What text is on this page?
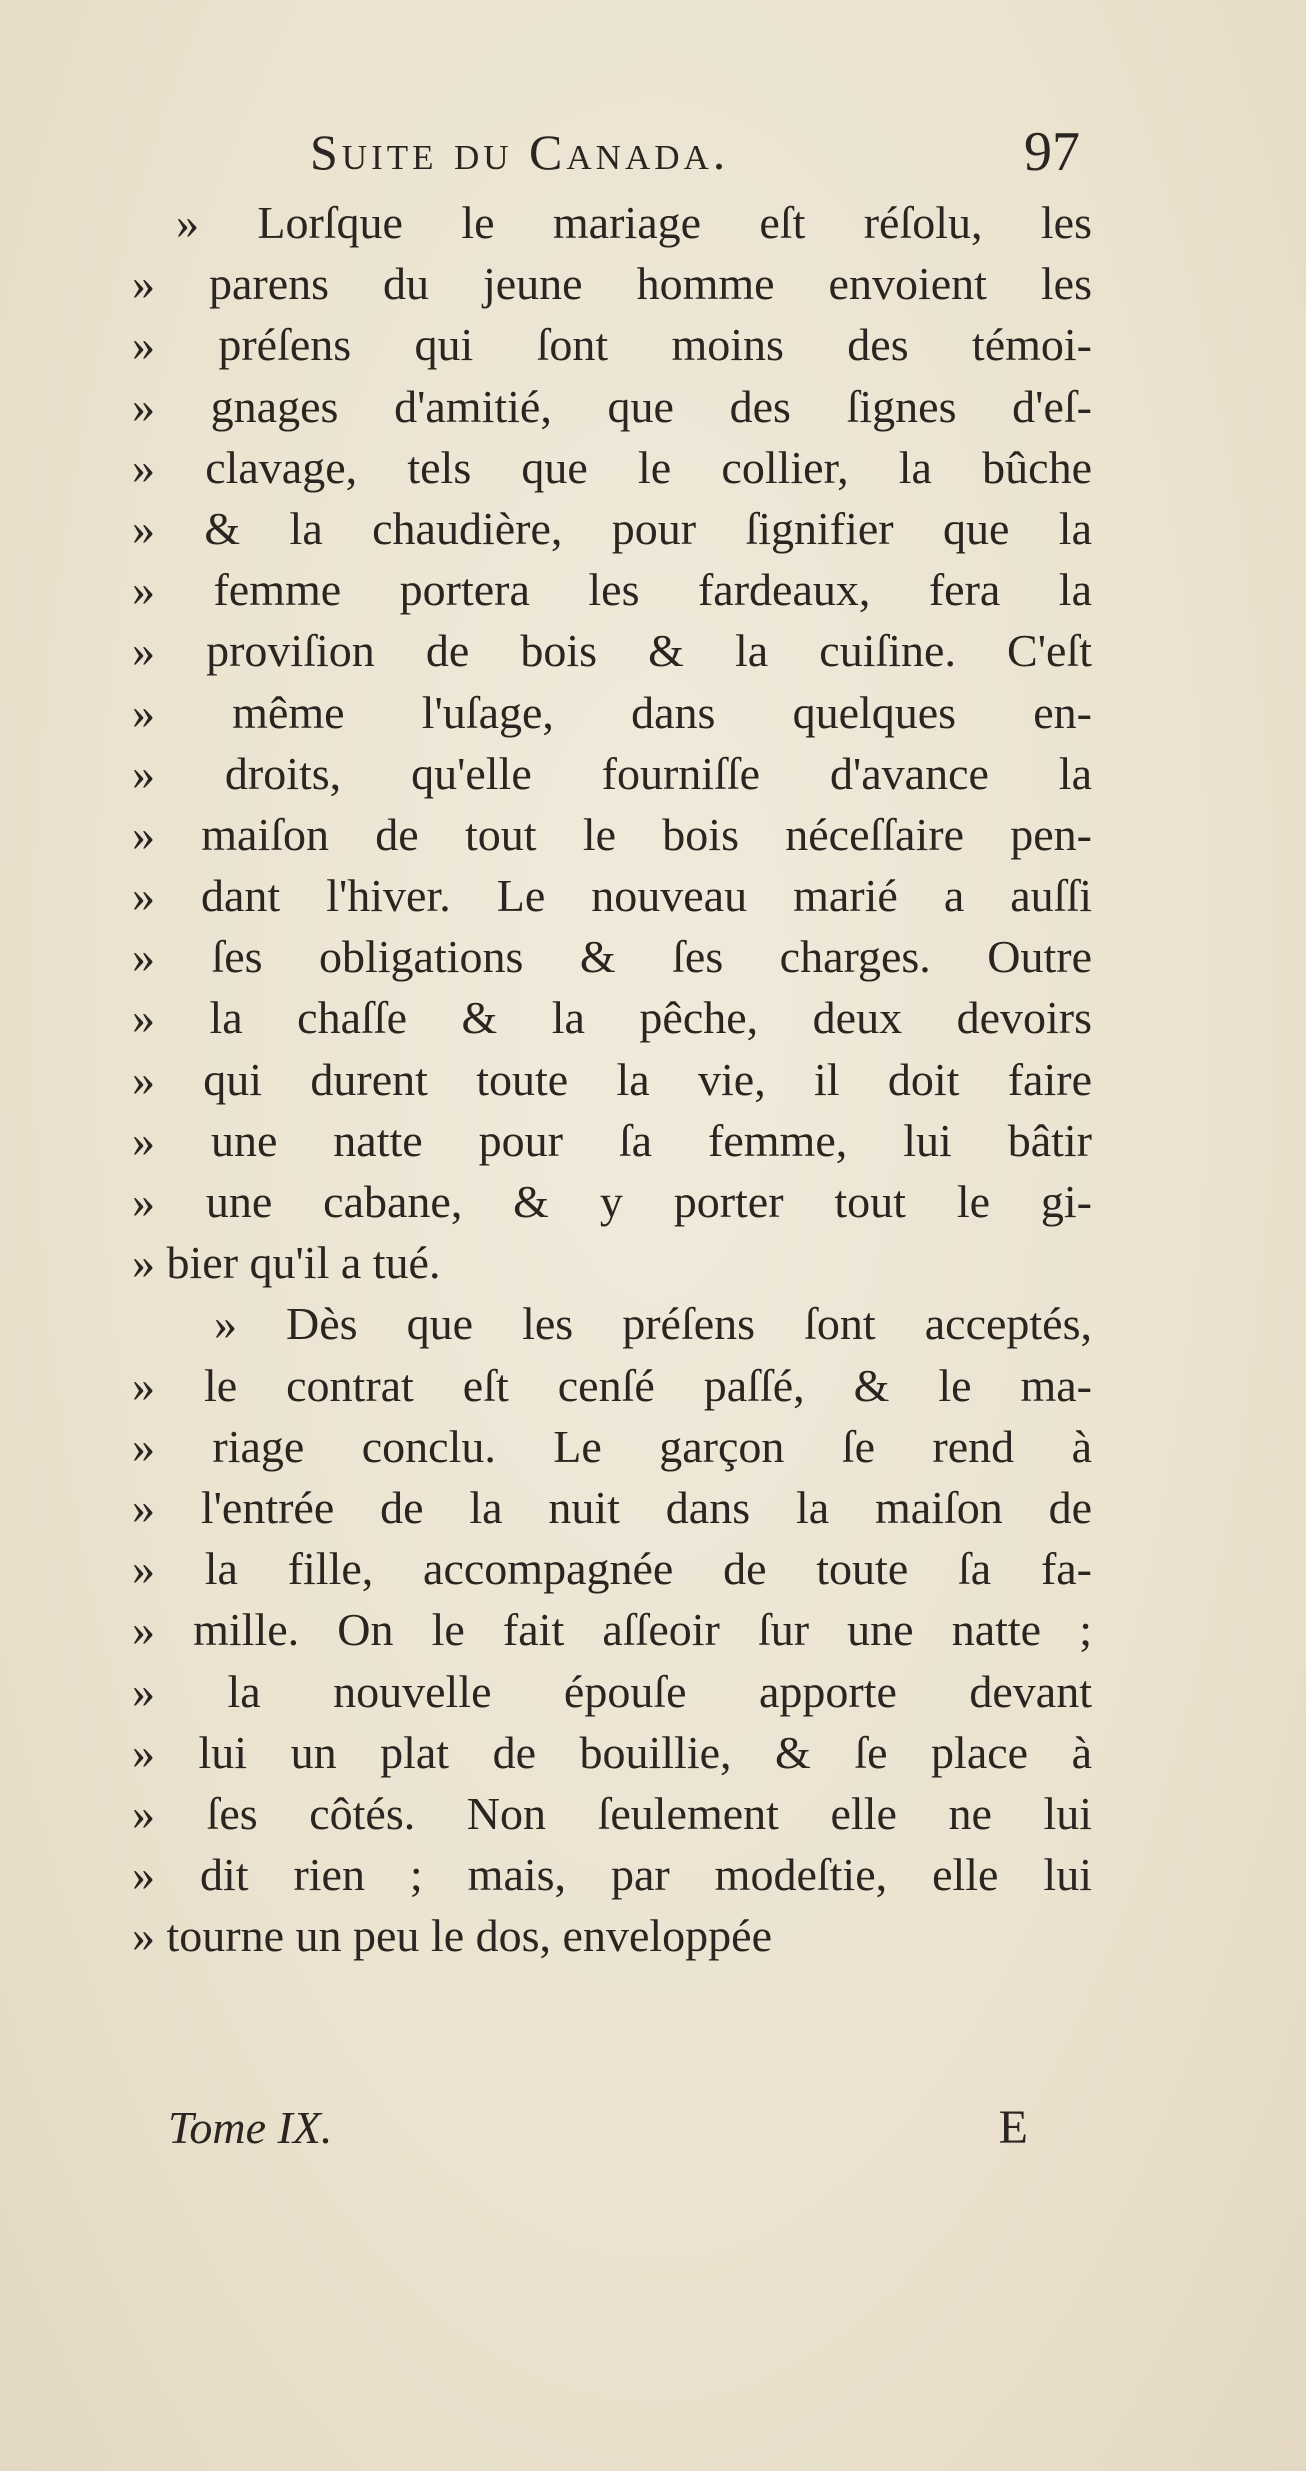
Suite du Canada.	97
» Lorſque le mariage eſt réſolu, les
» parens du jeune homme envoient les
» préſens qui ſont moins des témoi-
» gnages d'amitié, que des ſignes d'eſ-
» clavage, tels que le collier, la bûche
» & la chaudière, pour ſignifier que la
» femme portera les fardeaux, fera la
» proviſion de bois & la cuiſine. C'eſt
» même l'uſage, dans quelques en-
» droits, qu'elle fourniſſe d'avance la
» maiſon de tout le bois néceſſaire pen-
» dant l'hiver. Le nouveau marié a auſſi
» ſes obligations & ſes charges. Outre
» la chaſſe & la pêche, deux devoirs
» qui durent toute la vie, il doit faire
» une natte pour ſa femme, lui bâtir
» une cabane, & y porter tout le gi-
» bier qu'il a tué.
» Dès que les préſens ſont acceptés,
» le contrat eſt cenſé paſſé, & le ma-
» riage conclu. Le garçon ſe rend à
» l'entrée de la nuit dans la maiſon de
» la fille, accompagnée de toute ſa fa-
» mille. On le fait aſſeoir ſur une natte ;
» la nouvelle épouſe apporte devant
» lui un plat de bouillie, & ſe place à
» ſes côtés. Non ſeulement elle ne lui
» dit rien ; mais, par modeſtie, elle lui
» tourne un peu le dos, enveloppée
Tome IX.	E
